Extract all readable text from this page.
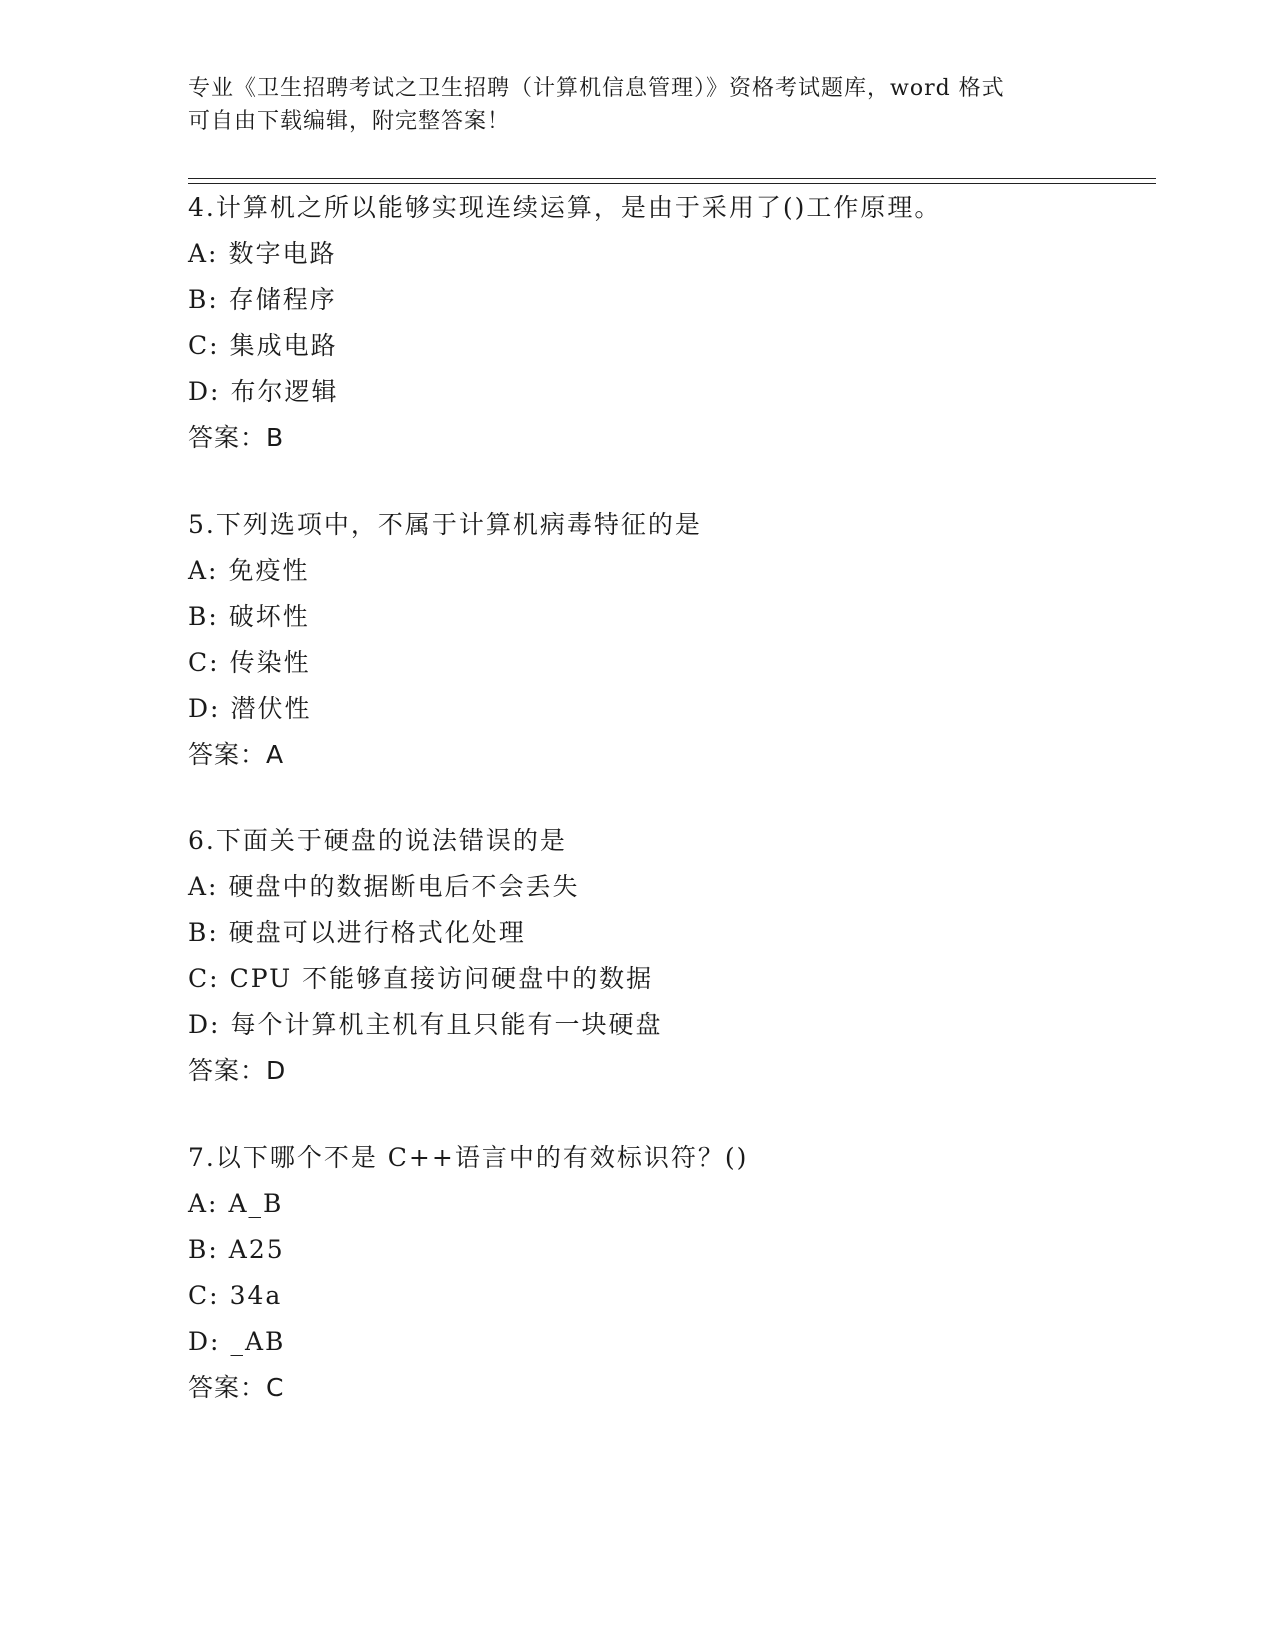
专业《卫生招聘考试之卫生招聘（计算机信息管理）》资格考试题库，word 格式
可自由下载编辑，附完整答案！
4.计算机之所以能够实现连续运算，是由于采用了()工作原理。
A: 数字电路
B: 存储程序
C: 集成电路
D: 布尔逻辑
答案：B
5.下列选项中，不属于计算机病毒特征的是
A: 免疫性
B: 破坏性
C: 传染性
D: 潜伏性
答案：A
6.下面关于硬盘的说法错误的是
A: 硬盘中的数据断电后不会丢失
B: 硬盘可以进行格式化处理
C: CPU 不能够直接访问硬盘中的数据
D: 每个计算机主机有且只能有一块硬盘
答案：D
7.以下哪个不是 C++语言中的有效标识符？()
A: A_B
B: A25
C: 34a
D: _AB
答案：C
